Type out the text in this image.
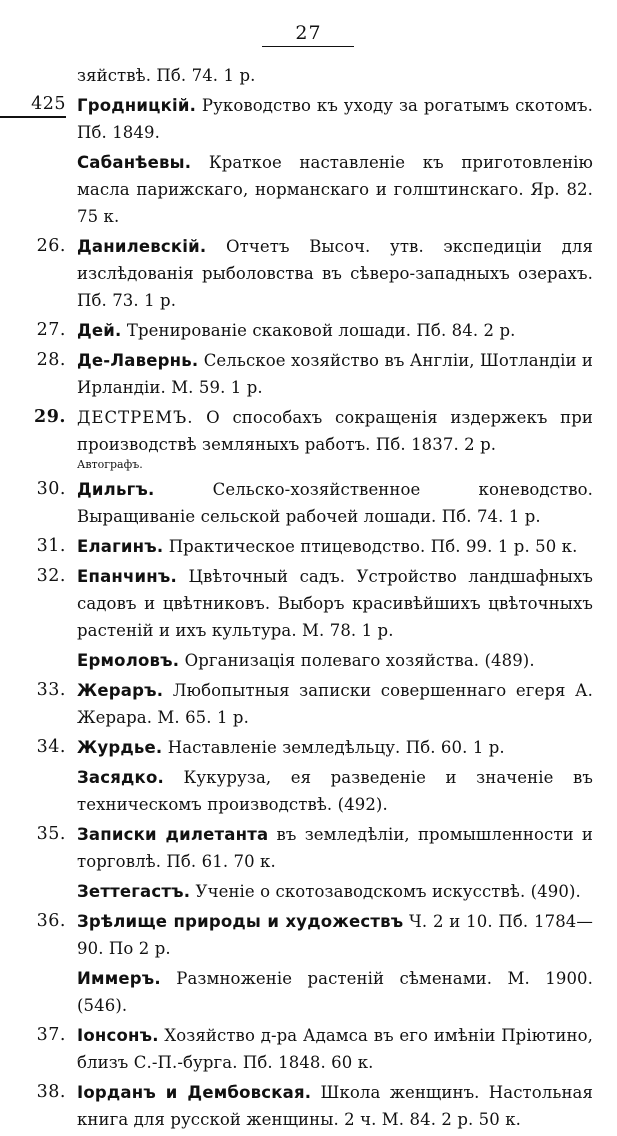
27
зяйствѣ. Пб. 74. 1 р.
425 Гродницкій. Руководство къ уходу за рогатымъ скотомъ. Пб. 1849.
Сабанѣевы. Краткое наставленіе къ приготовленію масла парижскаго, норманскаго и голштинскаго. Яр. 82. 75 к.
26. Данилевскій. Отчетъ Высоч. утв. экспедиціи для изслѣдованія рыболовства въ сѣверо-западныхъ озерахъ. Пб. 73. 1 р.
27. Дей. Тренированіе скаковой лошади. Пб. 84. 2 р.
28. Де-Лавернь. Сельское хозяйство въ Англіи, Шотландіи и Ирландіи. М. 59. 1 р.
29. ДЕСТРЕМЪ. О способахъ сокращенія издержекъ при производствѣ земляныхъ работъ. Пб. 1837. 2 р.
Автографъ.
30. Дильгъ. Сельско-хозяйственное коневодство. Выращиваніе сельской рабочей лошади. Пб. 74. 1 р.
31. Елагинъ. Практическое птицеводство. Пб. 99. 1 р. 50 к.
32. Епанчинъ. Цвѣточный садъ. Устройство ландшафныхъ садовъ и цвѣтниковъ. Выборъ красивѣйшихъ цвѣточныхъ растеній и ихъ культура. М. 78. 1 р.
Ермоловъ. Организація полеваго хозяйства. (489).
33. Жераръ. Любопытныя записки совершеннаго егеря А. Жерара. М. 65. 1 р.
34. Журдье. Наставленіе земледѣльцу. Пб. 60. 1 р.
Засядко. Кукуруза, ея разведеніе и значеніе въ техническомъ производствѣ. (492).
35. Записки дилетанта въ земледѣліи, промышленности и торговлѣ. Пб. 61. 70 к.
Зеттегастъ. Ученіе о скотозаводскомъ искусствѣ. (490).
36. Зрѣлище природы и художествъ Ч. 2 и 10. Пб. 1784—90. По 2 р.
Иммеръ. Размноженіе растеній сѣменами. М. 1900. (546).
37. Іонсонъ. Хозяйство д-ра Адамса въ его имѣніи Пріютино, близъ С.-П.-бурга. Пб. 1848. 60 к.
38. Іорданъ и Дембовская. Школа женщинъ. Настольная книга для русской женщины. 2 ч. М. 84. 2 р. 50 к.
